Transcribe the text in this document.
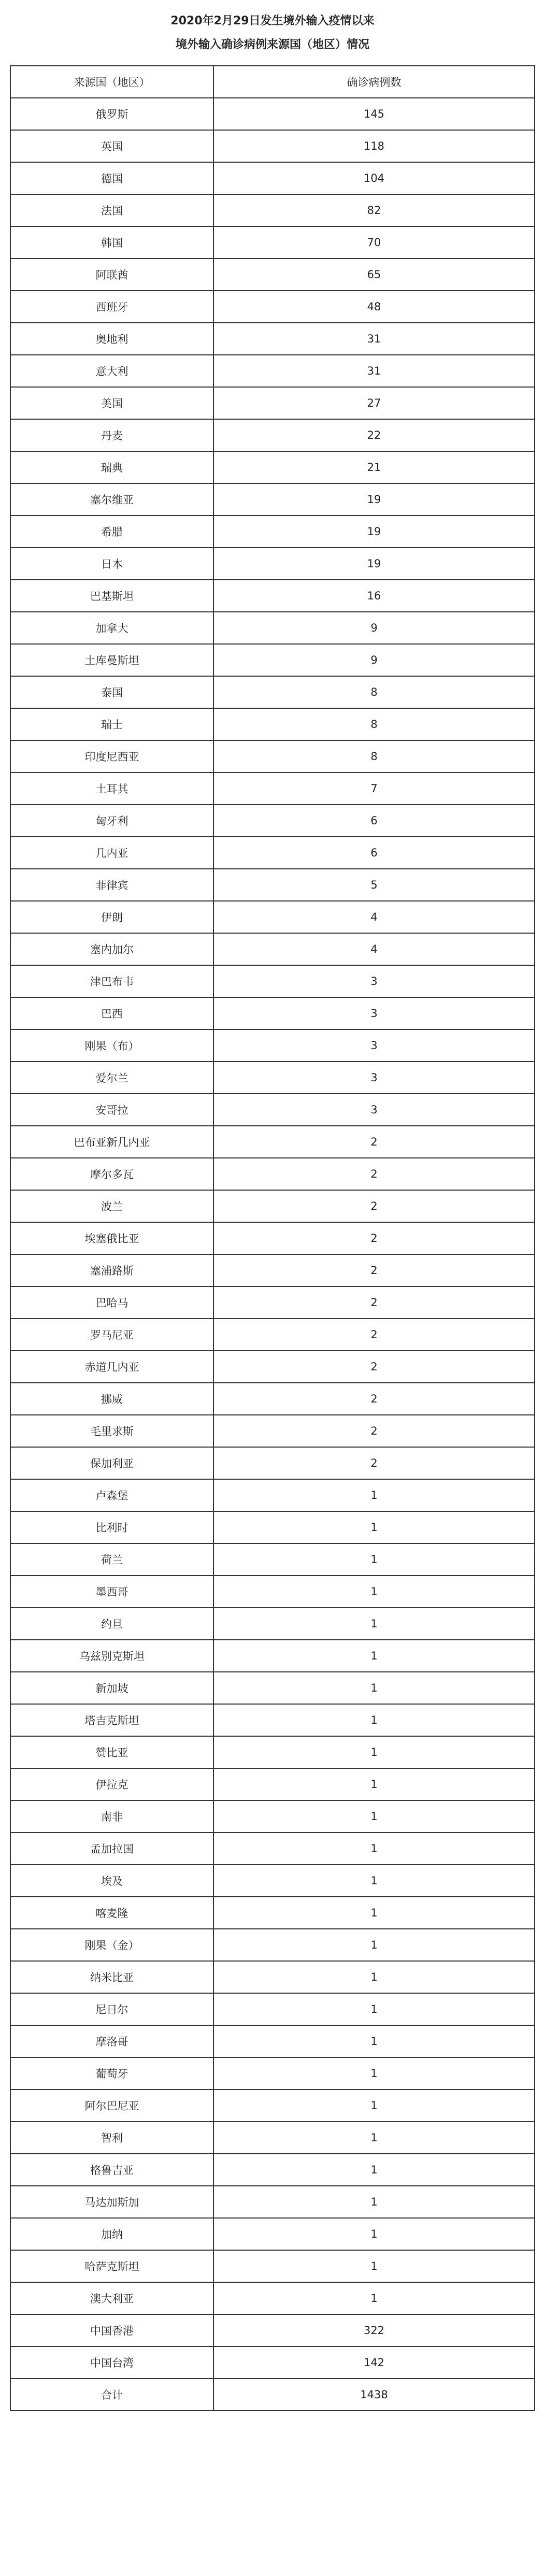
2020年2月29日发生境外输入疫情以来
境外输入确诊病例来源国（地区）情况
来源国（地区）	确诊病例数
俄罗斯	145
英国	118
德国	104
法国	82
韩国	70
阿联酋	65
西班牙	48
奥地利	31
意大利	31
美国	27
丹麦	22
瑞典	21
塞尔维亚	19
希腊	19
日本	19
巴基斯坦	16
加拿大	9
土库曼斯坦	9
泰国	8
瑞士	8
印度尼西亚	8
土耳其	7
匈牙利	6
几内亚	6
菲律宾	5
伊朗	4
塞内加尔	4
津巴布韦	3
巴西	3
刚果（布）	3
爱尔兰	3
安哥拉	3
巴布亚新几内亚	2
摩尔多瓦	2
波兰	2
埃塞俄比亚	2
塞浦路斯	2
巴哈马	2
罗马尼亚	2
赤道几内亚	2
挪威	2
毛里求斯	2
保加利亚	2
卢森堡	1
比利时	1
荷兰	1
墨西哥	1
约旦	1
乌兹别克斯坦	1
新加坡	1
塔吉克斯坦	1
赞比亚	1
伊拉克	1
南非	1
孟加拉国	1
埃及	1
喀麦隆	1
刚果（金）	1
纳米比亚	1
尼日尔	1
摩洛哥	1
葡萄牙	1
阿尔巴尼亚	1
智利	1
格鲁吉亚	1
马达加斯加	1
加纳	1
哈萨克斯坦	1
澳大利亚	1
中国香港	322
中国台湾	142
合计	1438
